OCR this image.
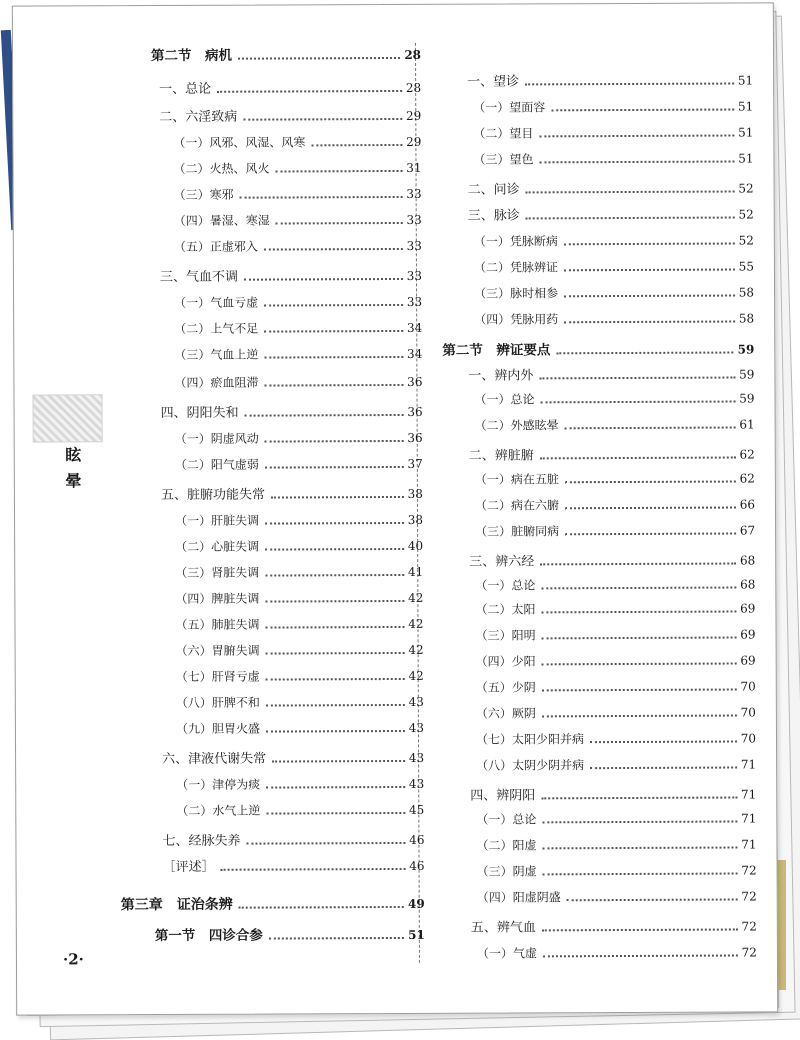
眩晕
·2·
第二节　病机	28
一、总论	28
二、六淫致病	29
（一）风邪、风湿、风寒	29
（二）火热、风火	31
（三）寒邪	33
（四）暑湿、寒湿	33
（五）正虚邪入	33
三、气血不调	33
（一）气血亏虚	33
（二）上气不足	34
（三）气血上逆	34
（四）瘀血阻滞	36
四、阴阳失和	36
（一）阴虚风动	36
（二）阳气虚弱	37
五、脏腑功能失常	38
（一）肝脏失调	38
（二）心脏失调	40
（三）肾脏失调	41
（四）脾脏失调	42
（五）肺脏失调	42
（六）胃腑失调	42
（七）肝肾亏虚	42
（八）肝脾不和	43
（九）胆胃火盛	43
六、津液代谢失常	43
（一）津停为痰	43
（二）水气上逆	45
七、经脉失养	46
［评述］	46
第三章　证治条辨	49
第一节　四诊合参	51
一、望诊	51
（一）望面容	51
（二）望目	51
（三）望色	51
二、问诊	52
三、脉诊	52
（一）凭脉断病	52
（二）凭脉辨证	55
（三）脉时相参	58
（四）凭脉用药	58
第二节　辨证要点	59
一、辨内外	59
（一）总论	59
（二）外感眩晕	61
二、辨脏腑	62
（一）病在五脏	62
（二）病在六腑	66
（三）脏腑同病	67
三、辨六经	68
（一）总论	68
（二）太阳	69
（三）阳明	69
（四）少阳	69
（五）少阴	70
（六）厥阴	70
（七）太阳少阳并病	70
（八）太阴少阴并病	71
四、辨阴阳	71
（一）总论	71
（二）阳虚	71
（三）阴虚	72
（四）阳虚阴盛	72
五、辨气血	72
（一）气虚	72
